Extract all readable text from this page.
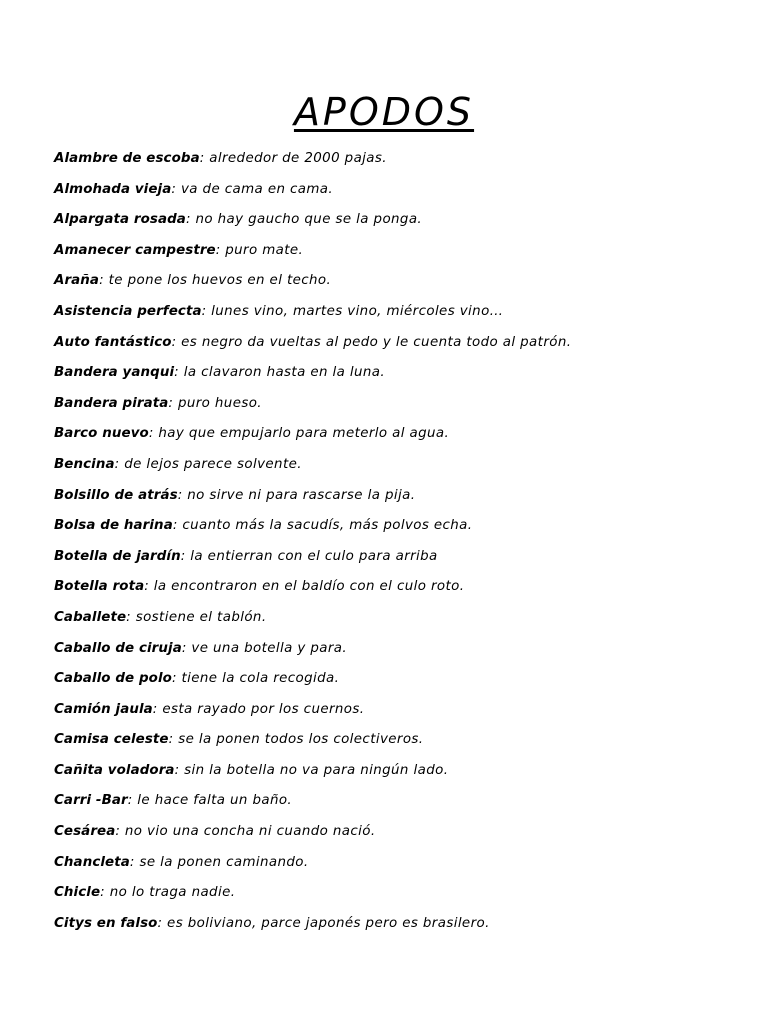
APODOS
Alambre de escoba: alrededor de 2000 pajas.
Almohada vieja: va de cama en cama.
Alpargata rosada: no hay gaucho que se la ponga.
Amanecer campestre: puro mate.
Araña: te pone los huevos en el techo.
Asistencia perfecta: lunes vino, martes vino, miércoles vino…
Auto fantástico: es negro da vueltas al pedo y le cuenta todo al patrón.
Bandera yanqui: la clavaron hasta en la luna.
Bandera pirata: puro hueso.
Barco nuevo: hay que empujarlo para meterlo al agua.
Bencina: de lejos parece solvente.
Bolsillo de atrás: no sirve ni para rascarse la pija.
Bolsa de harina: cuanto más la sacudís, más polvos echa.
Botella de jardín: la entierran con el culo para arriba
Botella rota: la encontraron en el baldío con el culo roto.
Caballete: sostiene el tablón.
Caballo de ciruja: ve una botella y para.
Caballo de polo: tiene la cola recogida.
Camión jaula: esta rayado por los cuernos.
Camisa celeste: se la ponen todos los colectiveros.
Cañita voladora: sin la botella no va para ningún lado.
Carri -Bar: le hace falta un baño.
Cesárea: no vio una concha ni cuando nació.
Chancleta: se la ponen caminando.
Chicle: no lo traga nadie.
Citys en falso: es boliviano, parce japonés pero es brasilero.
